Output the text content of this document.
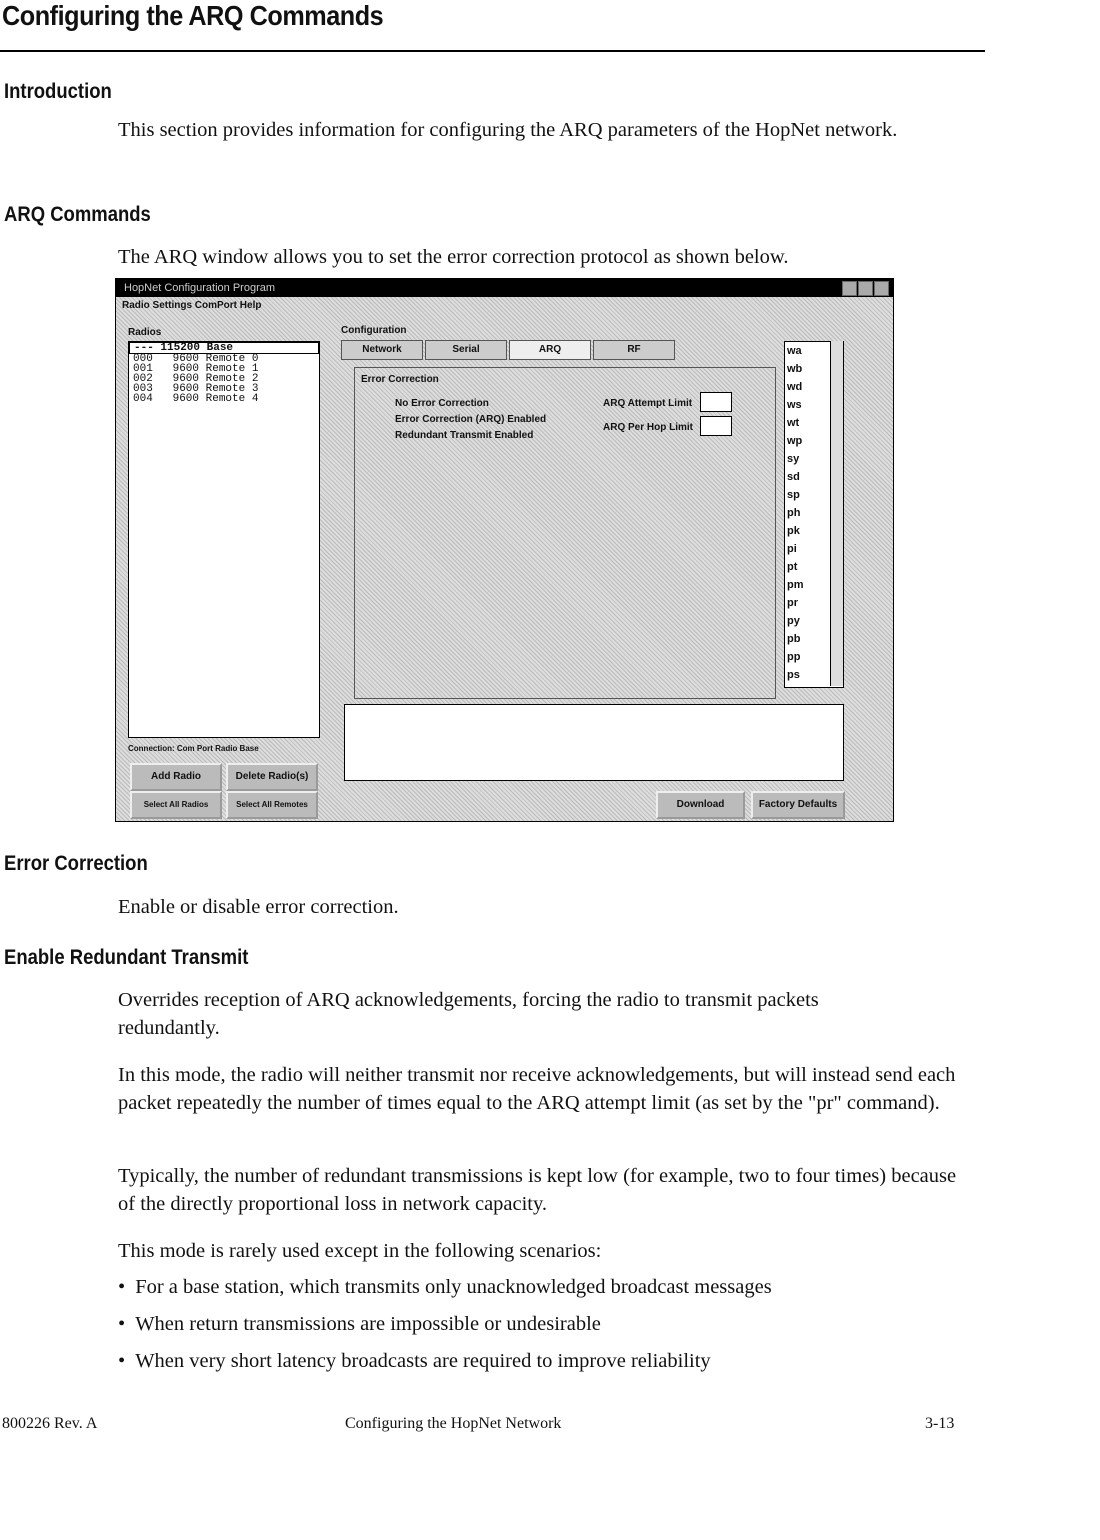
Configuring the ARQ Commands
Introduction
This section provides information for configuring the ARQ parameters of the HopNet network.
ARQ Commands
The ARQ window allows you to set the error correction protocol as shown below.
HopNet Configuration Program
Radio Settings ComPort Help
Radios
--- 115200 Base
000   9600 Remote 0
001   9600 Remote 1
002   9600 Remote 2
003   9600 Remote 3
004   9600 Remote 4
Connection: Com Port Radio Base
Add Radio	Delete Radio(s)
Select All Radios	Select All Remotes
Configuration
Network	Serial	ARQ	RF
Error Correction
No Error Correction
Error Correction (ARQ) Enabled
Redundant Transmit Enabled
ARQ Attempt Limit
ARQ Per Hop Limit
wa
wb
wd
ws
wt
wp
sy
sd
sp
ph
pk
pi
pt
pm
pr
py
pb
pp
ps
Download	Factory Defaults
Error Correction
Enable or disable error correction.
Enable Redundant Transmit
Overrides reception of ARQ acknowledgements, forcing the radio to transmit packets redundantly.
In this mode, the radio will neither transmit nor receive acknowledgements, but will instead send each packet repeatedly the number of times equal to the ARQ attempt limit (as set by the "pr" command).
Typically, the number of redundant transmissions is kept low (for example, two to four times) because of the directly proportional loss in network capacity.
This mode is rarely used except in the following scenarios:
• For a base station, which transmits only unacknowledged broadcast messages
• When return transmissions are impossible or undesirable
• When very short latency broadcasts are required to improve reliability
800226 Rev. A	Configuring the HopNet Network	3-13
